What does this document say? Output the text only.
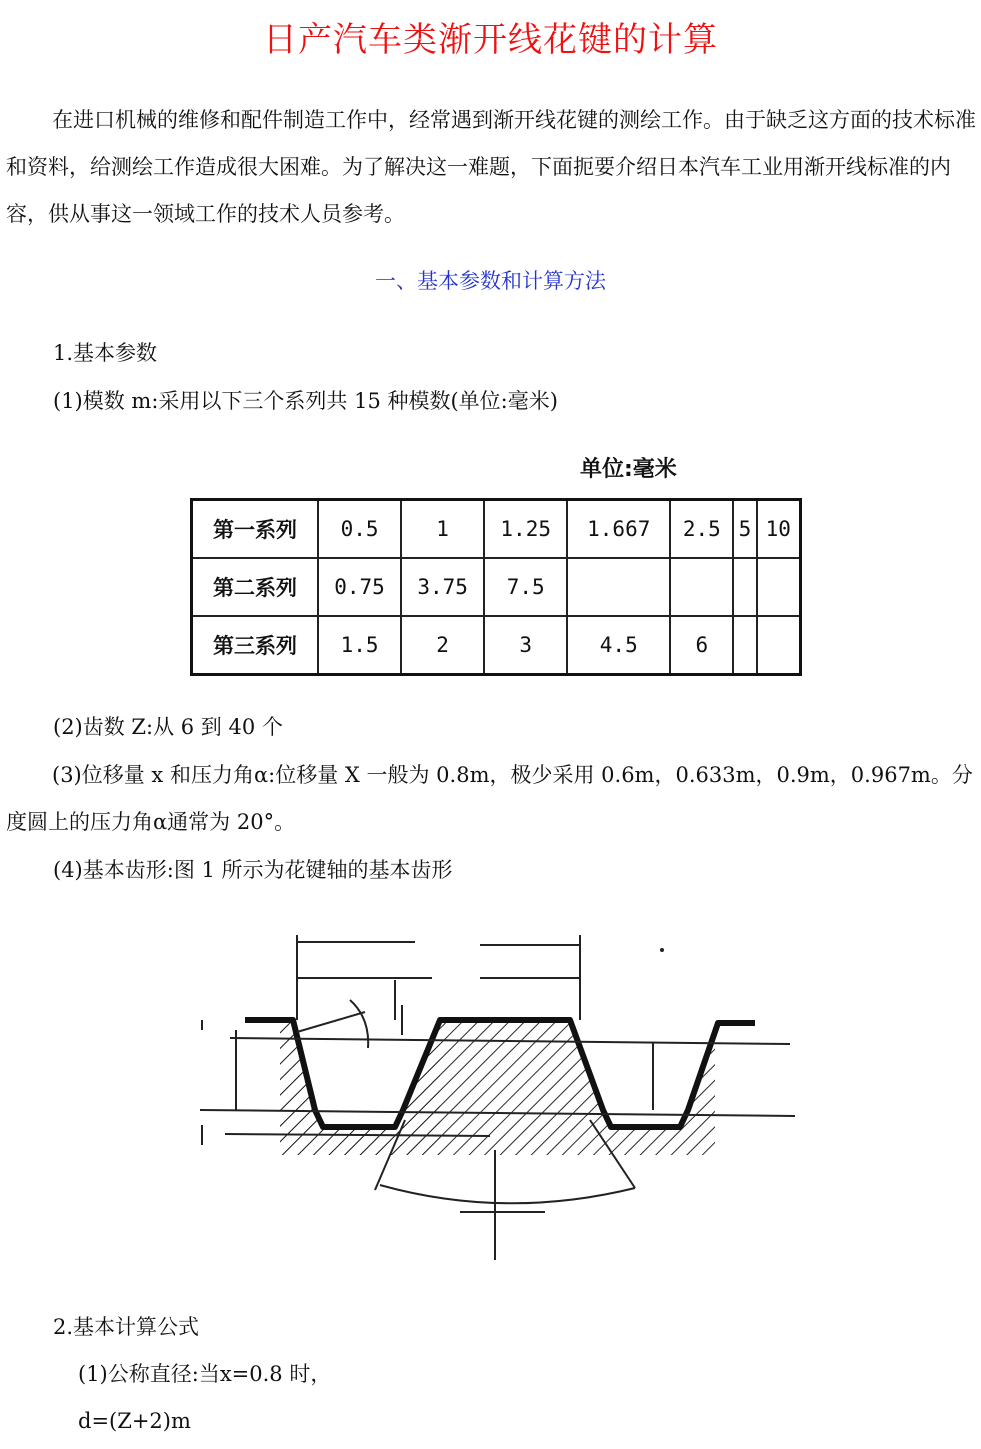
日产汽车类渐开线花键的计算

在进口机械的维修和配件制造工作中，经常遇到渐开线花键的测绘工作。由于缺乏这方面的技术标准和资料，给测绘工作造成很大困难。为了解决这一难题，下面扼要介绍日本汽车工业用渐开线标准的内容，供从事这一领域工作的技术人员参考。

一、基本参数和计算方法
1.基本参数
(1)模数 m:采用以下三个系列共 15 种模数(单位:毫米)
单位:毫米
第一系列	0.5	1	1.25	1.667	2.5	5	10
第二系列	0.75	3.75	7.5				
第三系列	1.5	2	3	4.5	6		
(2)齿数 Z:从 6 到 40 个

(3)位移量 x 和压力角α:位移量 X 一般为 0.8m，极少采用 0.6m，0.633m，0.9m，0.967m。分度圆上的压力角α通常为 20°。

(4)基本齿形:图 1 所示为花键轴的基本齿形
2.基本计算公式
(1)公称直径:当x=0.8 时，
d=(Z+2)m
